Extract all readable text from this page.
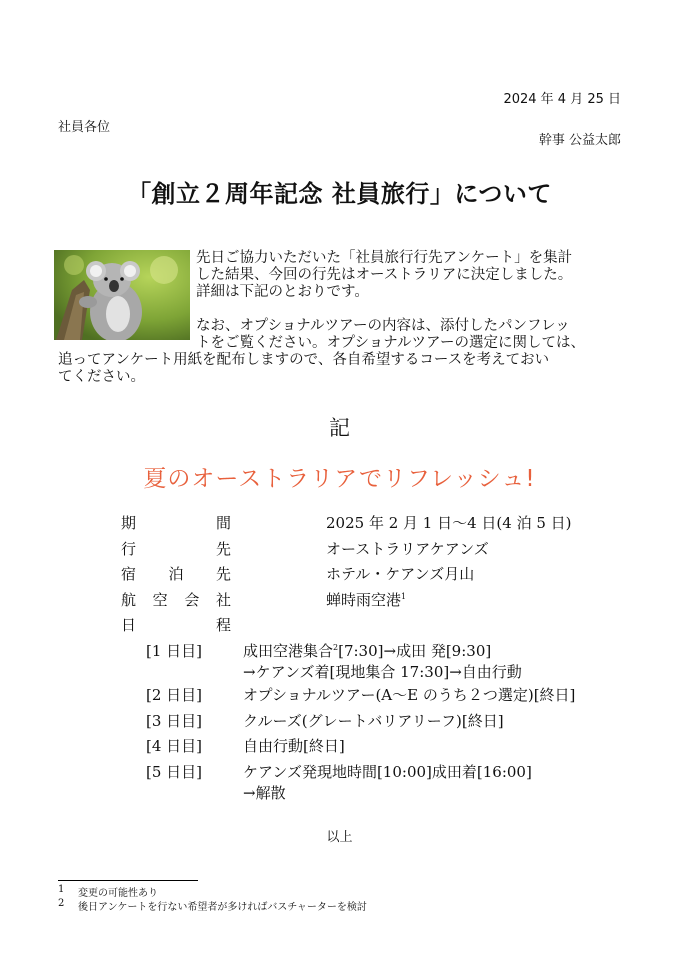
2024 年 4 月 25 日
社員各位
幹事 公益太郎
「創立２周年記念 社員旅行」について
先日ご協力いただいた「社員旅行行先アンケート」を集計
した結果、今回の行先はオーストラリアに決定しました。
詳細は下記のとおりです。
なお、オプショナルツアーの内容は、添付したパンフレッ
トをご覧ください。オプショナルツアーの選定に関しては、
追ってアンケート用紙を配布しますので、各自希望するコースを考えておい
てください。
記
夏のオーストラリアでリフレッシュ!
期	間	2025 年 2 月 1 日～4 日(4 泊 5 日)
行	先	オーストラリアケアンズ
宿 泊 先	ホテル・ケアンズ月山
航 空 会 社	蝉時雨空港$^1$
日	程
[1 日目]	成田空港集合$^2$[7:30]→成田 発[9:30]
→ケアンズ着[現地集合 17:30]→自由行動
[2 日目]	オプショナルツアー(A～E のうち２つ選定)[終日]
[3 日目]	クルーズ(グレートバリアリーフ)[終日]
[4 日目]	自由行動[終日]
[5 日目]	ケアンズ発現地時間[10:00]成田着[16:00]
→解散
以上
1 変更の可能性あり
2 後日アンケートを行ない希望者が多ければバスチャーターを検討
